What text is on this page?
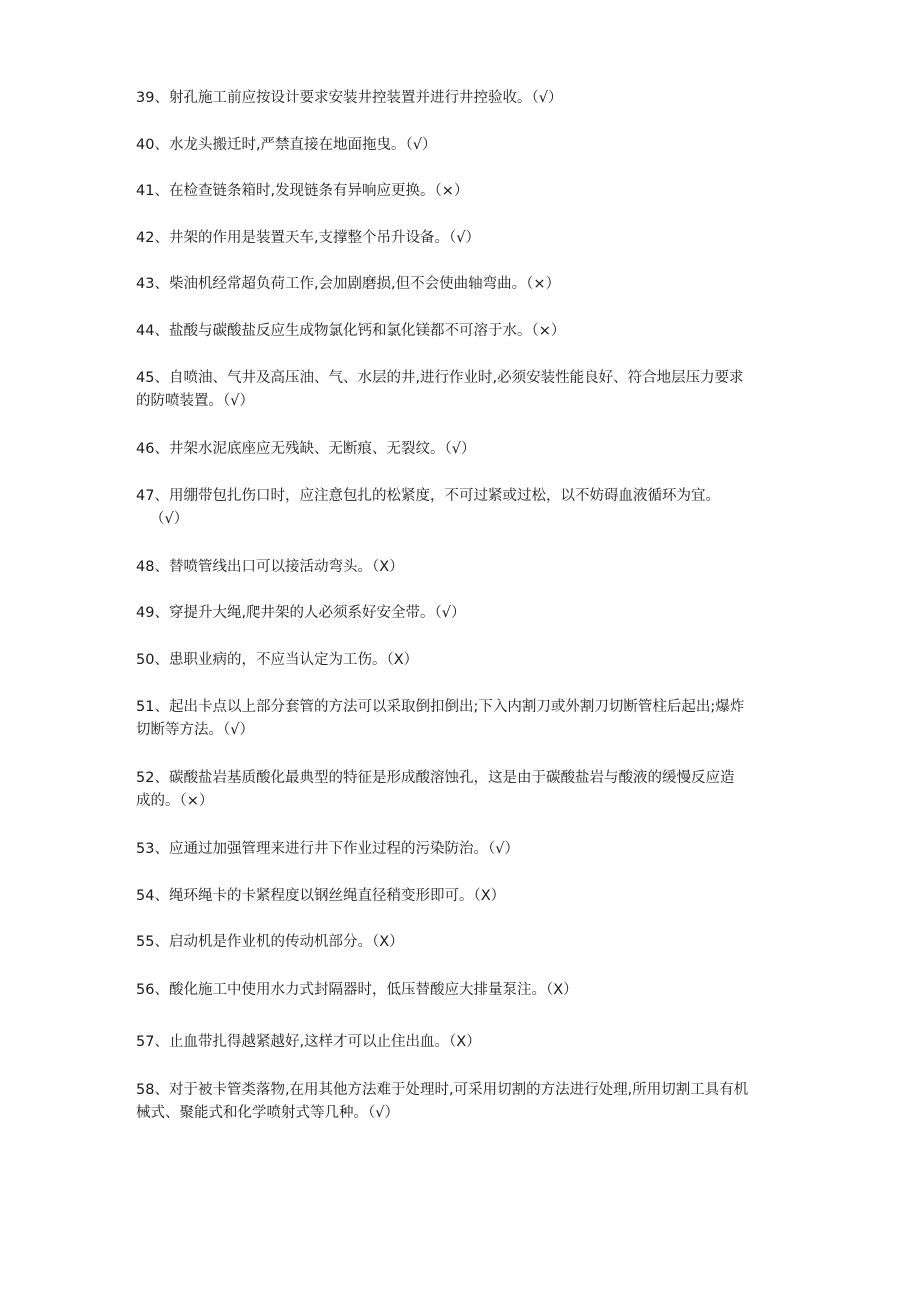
39、射孔施工前应按设计要求安装井控装置并进行井控验收。（√）

40、水龙头搬迁时,严禁直接在地面拖曳。（√）

41、在检查链条箱时,发现链条有异响应更换。（×）

42、井架的作用是装置天车,支撑整个吊升设备。（√）

43、柴油机经常超负荷工作,会加剧磨损,但不会使曲轴弯曲。（×）

44、盐酸与碳酸盐反应生成物氯化钙和氯化镁都不可溶于水。（×）

45、自喷油、气井及高压油、气、水层的井,进行作业时,必须安装性能良好、符合地层压力要求
的防喷装置。（√）

46、井架水泥底座应无残缺、无断痕、无裂纹。（√）

47、用绷带包扎伤口时，应注意包扎的松紧度，不可过紧或过松，以不妨碍血液循环为宜。
（√）

48、替喷管线出口可以接活动弯头。（X）

49、穿提升大绳,爬井架的人必须系好安全带。（√）

50、患职业病的，不应当认定为工伤。（X）

51、起出卡点以上部分套管的方法可以采取倒扣倒出;下入内割刀或外割刀切断管柱后起出;爆炸
切断等方法。（√）

52、碳酸盐岩基质酸化最典型的特征是形成酸溶蚀孔，这是由于碳酸盐岩与酸液的缓慢反应造
成的。（×）

53、应通过加强管理来进行井下作业过程的污染防治。（√）

54、绳环绳卡的卡紧程度以钢丝绳直径稍变形即可。（X）

55、启动机是作业机的传动机部分。（X）

56、酸化施工中使用水力式封隔器时，低压替酸应大排量泵注。（X）

57、止血带扎得越紧越好,这样才可以止住出血。（X）

58、对于被卡管类落物,在用其他方法难于处理时,可采用切割的方法进行处理,所用切割工具有机
械式、聚能式和化学喷射式等几种。（√）
